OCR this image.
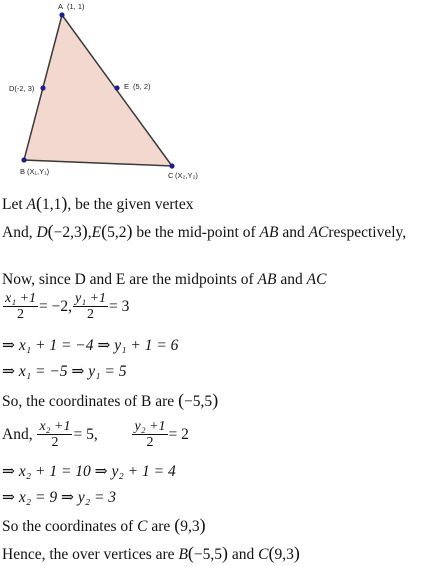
A (1, 1)
D(-2, 3)	E (5, 2)
B (X₁,Y₁)	C (X₂,Y₂)
Let A(1,1), be the given vertex
And, D(−2,3),E(5,2) be the mid-point of AB and ACrespectively,
Now, since D and E are the midpoints of AB and AC
$\frac{\text{x₁ +1}}{2} = -2$, $\frac{\text{y₁ +1}}{2} = 3$
⇒ x₁ + 1 = −4 ⇒ y₁ + 1 = 6
⇒ x₁ = −5 ⇒ y₁ = 5
So, the coordinates of B are (−5,5)
And, $\frac{\text{x₂ +1}}{2} = 5$, $\frac{\text{y₂ +1}}{2} = 2$
⇒ x₂ + 1 = 10 ⇒ y₂ + 1 = 4
⇒ x₂ = 9 ⇒ y₂ = 3
So the coordinates of C are (9,3)
Hence, the over vertices are B(−5,5) and C(9,3)
